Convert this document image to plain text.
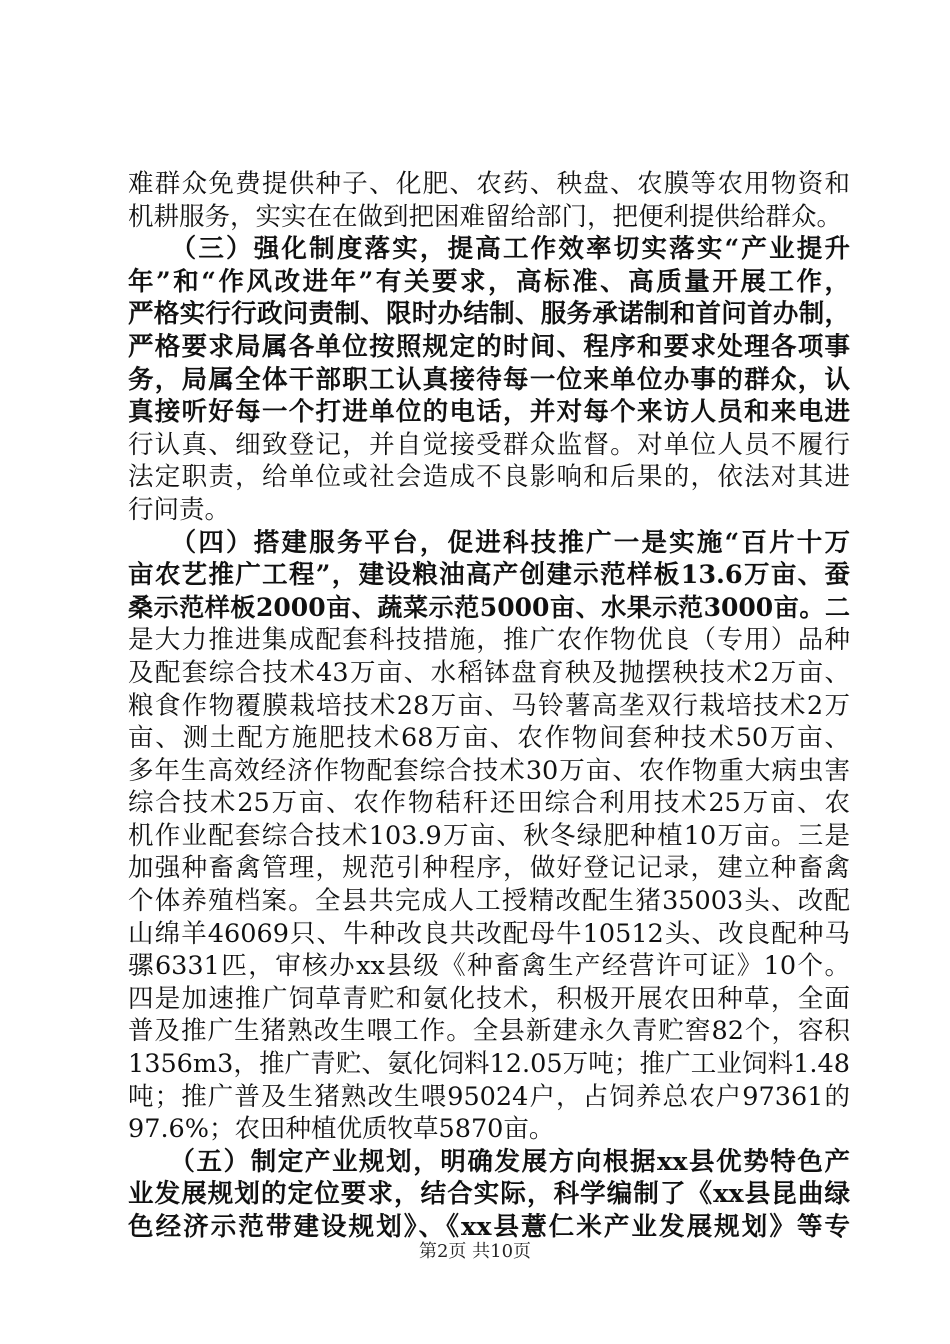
难群众免费提供种子、化肥、农药、秧盘、农膜等农用物资和
机耕服务，实实在在做到把困难留给部门，把便利提供给群众。
　　（三）强化制度落实，提高工作效率切实落实“产业提升
年”和“作风改进年”有关要求，高标准、高质量开展工作，
严格实行行政问责制、限时办结制、服务承诺制和首问首办制，
严格要求局属各单位按照规定的时间、程序和要求处理各项事
务，局属全体干部职工认真接待每一位来单位办事的群众，认
真接听好每一个打进单位的电话，并对每个来访人员和来电进
行认真、细致登记，并自觉接受群众监督。对单位人员不履行
法定职责，给单位或社会造成不良影响和后果的，依法对其进
行问责。
　　（四）搭建服务平台，促进科技推广一是实施“百片十万
亩农艺推广工程”，建设粮油高产创建示范样板13.6万亩、蚕
桑示范样板2000亩、蔬菜示范5000亩、水果示范3000亩。二
是大力推进集成配套科技措施，推广农作物优良（专用）品种
及配套综合技术43万亩、水稻钵盘育秧及抛摆秧技术2万亩、
粮食作物覆膜栽培技术28万亩、马铃薯高垄双行栽培技术2万
亩、测土配方施肥技术68万亩、农作物间套种技术50万亩、
多年生高效经济作物配套综合技术30万亩、农作物重大病虫害
综合技术25万亩、农作物秸秆还田综合利用技术25万亩、农
机作业配套综合技术103.9万亩、秋冬绿肥种植10万亩。三是
加强种畜禽管理，规范引种程序，做好登记记录，建立种畜禽
个体养殖档案。全县共完成人工授精改配生猪35003头、改配
山绵羊46069只、牛种改良共改配母牛10512头、改良配种马
骡6331匹，审核办xx县级《种畜禽生产经营许可证》10个。
四是加速推广饲草青贮和氨化技术，积极开展农田种草，全面
普及推广生猪熟改生喂工作。全县新建永久青贮窖82个，容积
1356m3，推广青贮、氨化饲料12.05万吨；推广工业饲料1.48
吨；推广普及生猪熟改生喂95024户，占饲养总农户97361的
97.6%；农田种植优质牧草5870亩。
　　（五）制定产业规划，明确发展方向根据xx县优势特色产
业发展规划的定位要求，结合实际，科学编制了《xx县昆曲绿
色经济示范带建设规划》、《xx县薏仁米产业发展规划》等专
第2页 共10页
